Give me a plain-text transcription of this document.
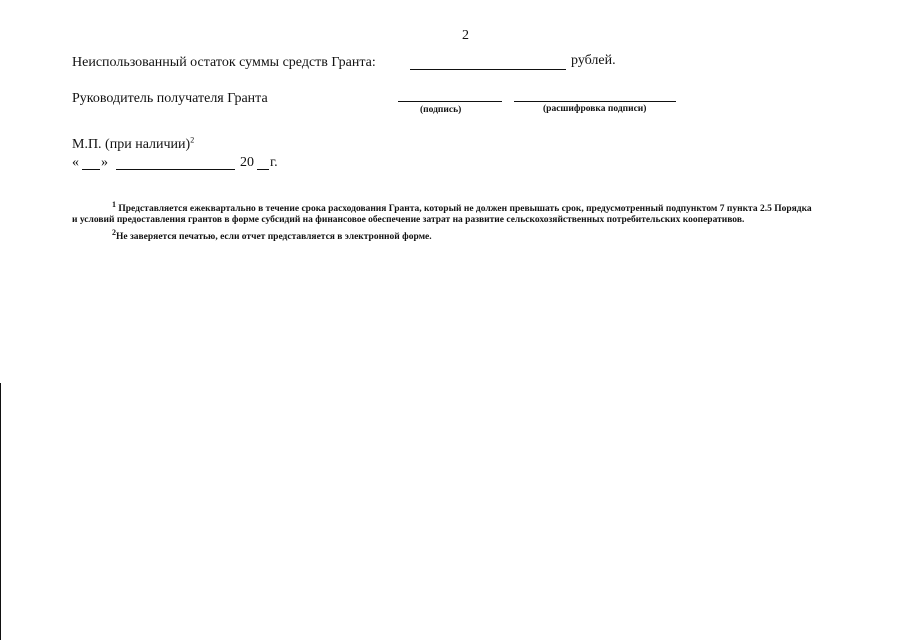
2
Неиспользованный остаток суммы средств Гранта:	рублей.
Руководитель получателя Гранта
(подпись)	(расшифровка подписи)
М.П. (при наличии)$^2$
« »	20 г.
$^1$ Представляется ежеквартально в течение срока расходования Гранта, который не должен превышать срок, предусмотренный подпунктом 7 пункта 2.5 Порядка
и условий предоставления грантов в форме субсидий на финансовое обеспечение затрат на развитие сельскохозяйственных потребительских кооперативов.
$^2$Не заверяется печатью, если отчет представляется в электронной форме.
